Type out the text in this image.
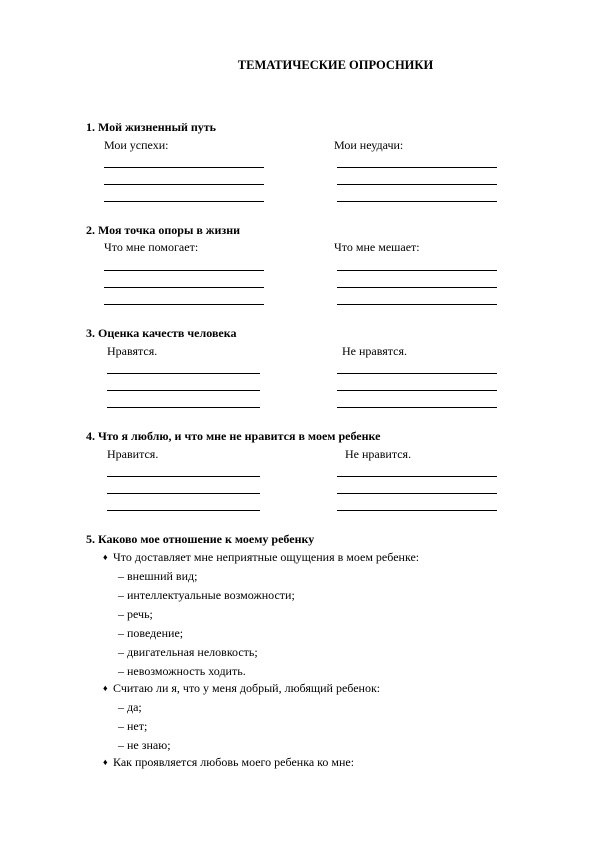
ТЕМАТИЧЕСКИЕ ОПРОСНИКИ
1. Мой жизненный путь
Мои успехи:	Мои неудачи:
2. Моя точка опоры в жизни
Что мне помогает:	Что мне мешает:
3. Оценка качеств человека
Нравятся.	Не нравятся.
4. Что я люблю, и что мне не нравится в моем ребенке
Нравится.	Не нравится.
5. Каково мое отношение к моему ребенку
♦ Что доставляет мне неприятные ощущения в моем ребенке:
– внешний вид;
– интеллектуальные возможности;
– речь;
– поведение;
– двигательная неловкость;
– невозможность ходить.
♦ Считаю ли я, что у меня добрый, любящий ребенок:
– да;
– нет;
– не знаю;
♦ Как проявляется любовь моего ребенка ко мне:
